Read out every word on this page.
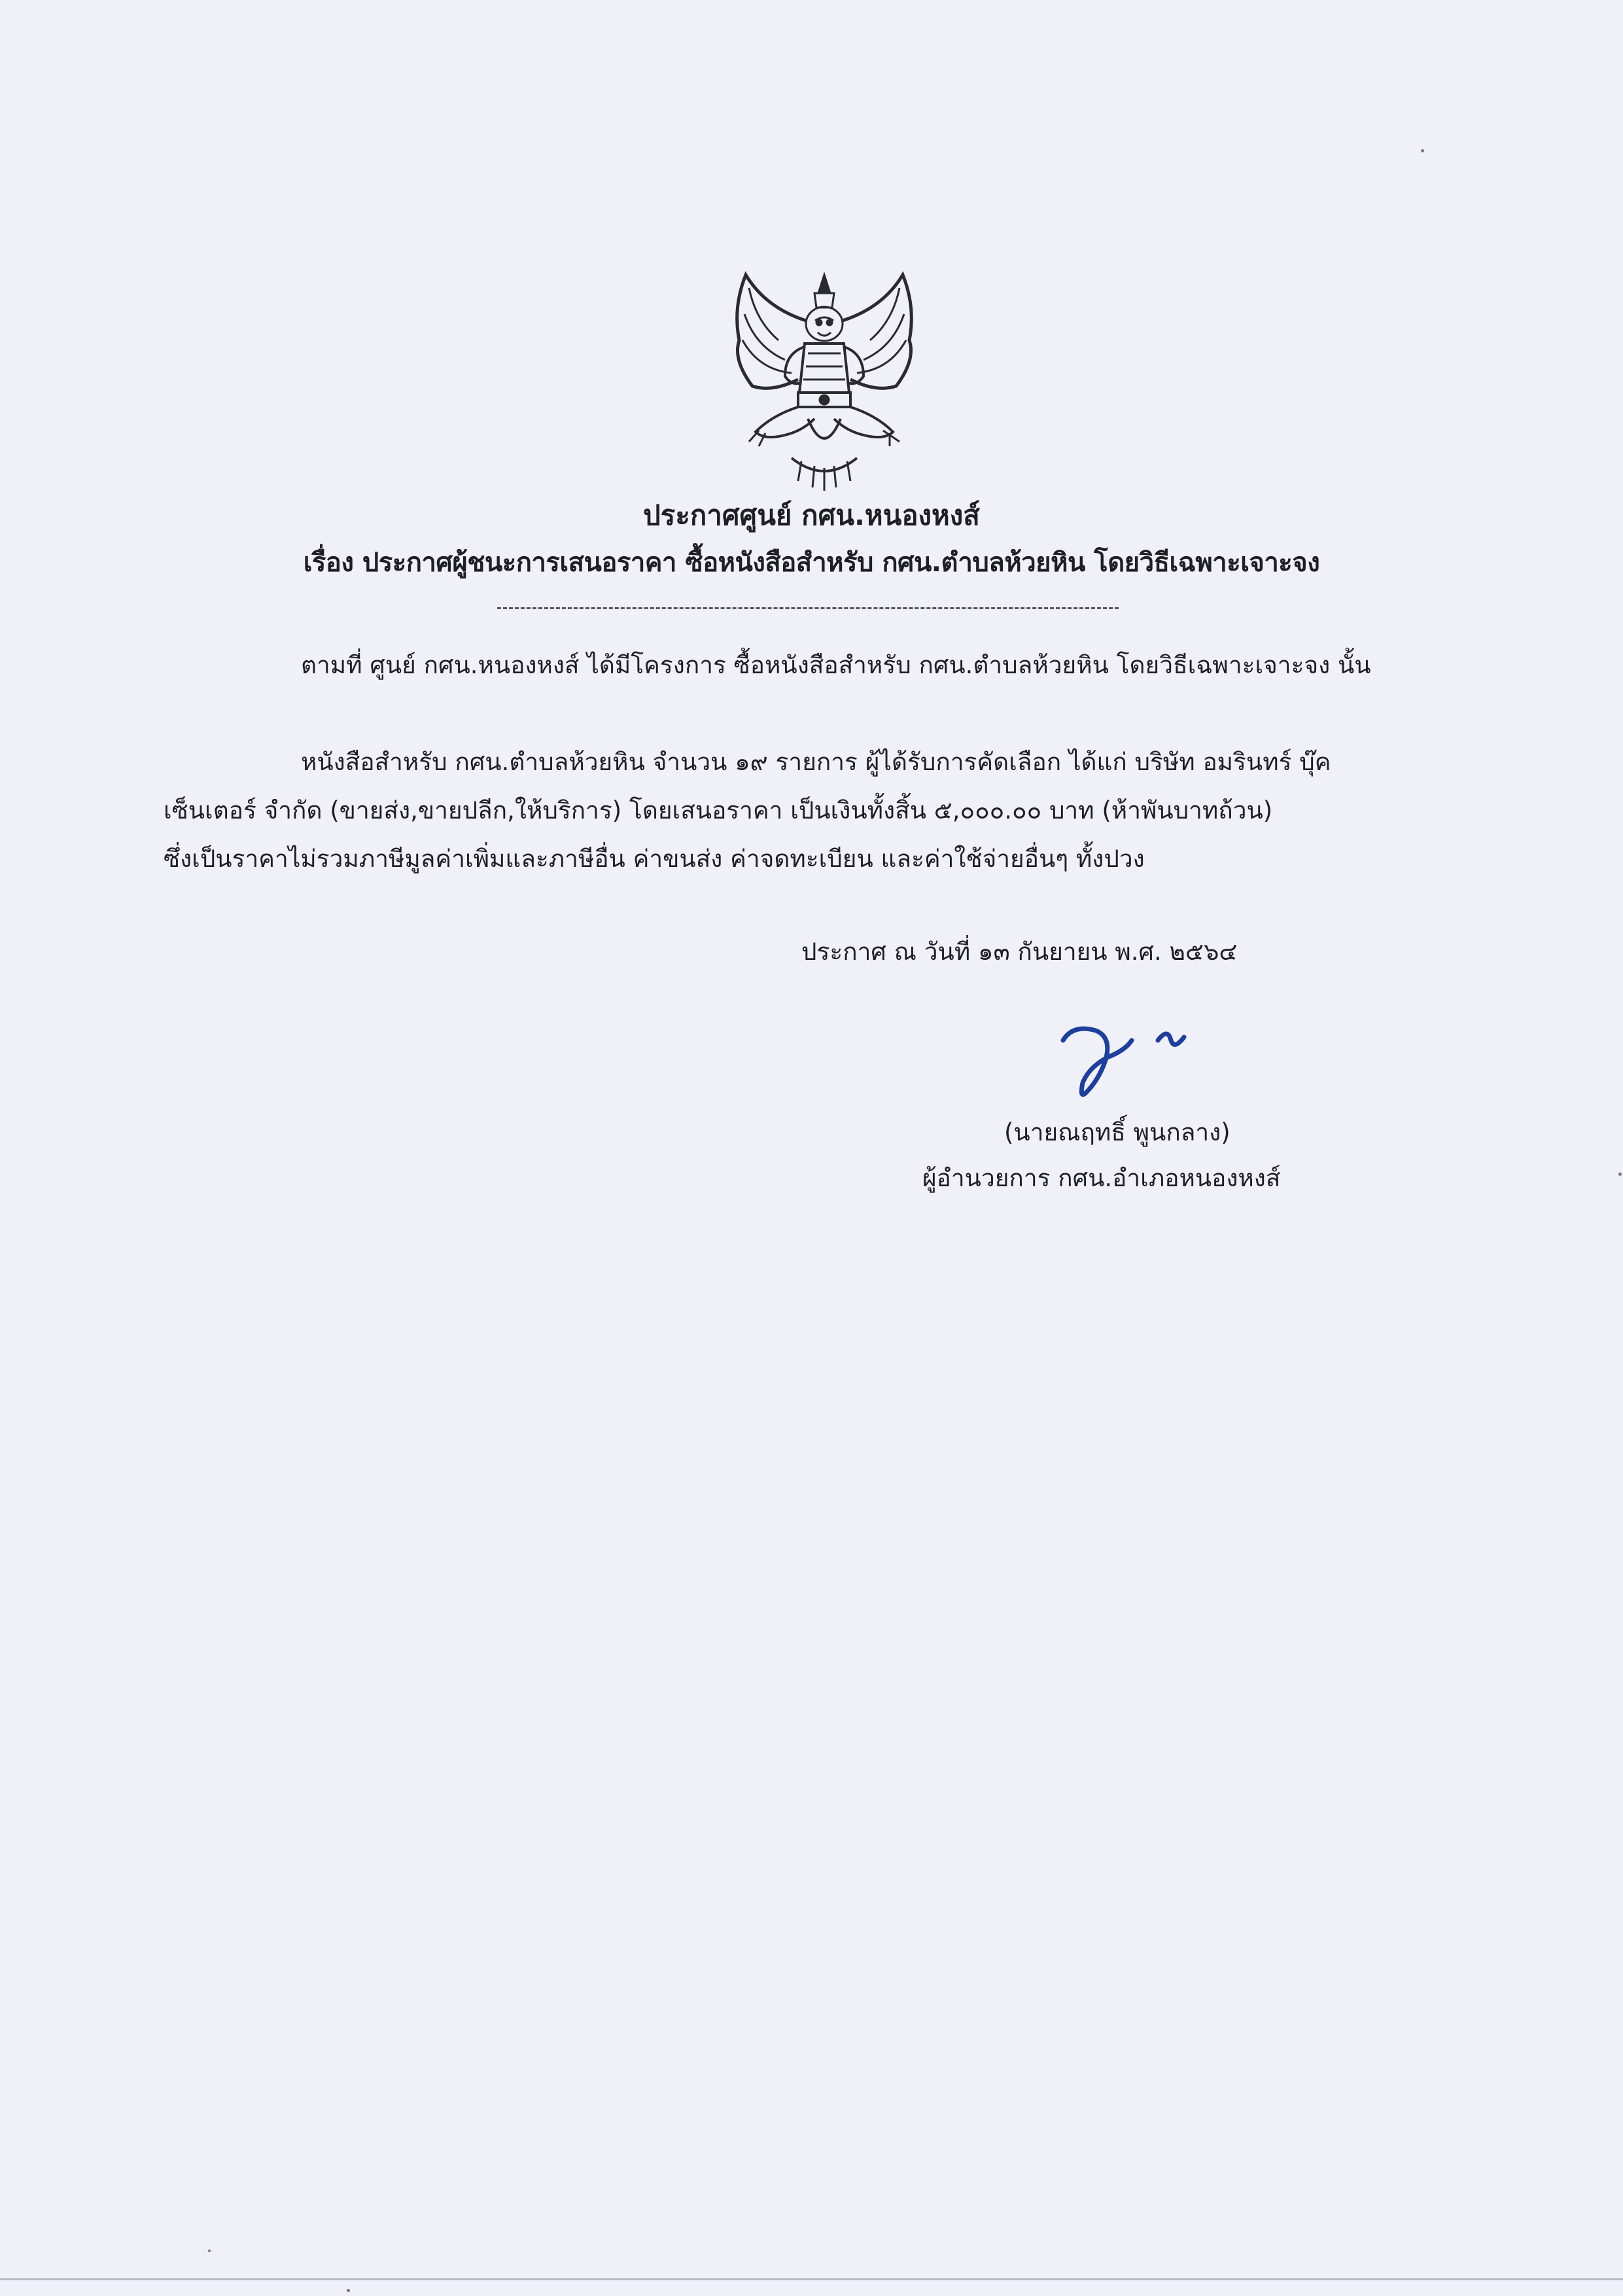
ประกาศศูนย์ กศน.หนองหงส์
เรื่อง ประกาศผู้ชนะการเสนอราคา ซื้อหนังสือสำหรับ กศน.ตำบลห้วยหิน โดยวิธีเฉพาะเจาะจง

ตามที่ ศูนย์ กศน.หนองหงส์ ได้มีโครงการ ซื้อหนังสือสำหรับ กศน.ตำบลห้วยหิน โดยวิธีเฉพาะเจาะจง นั้น

หนังสือสำหรับ กศน.ตำบลห้วยหิน จำนวน ๑๙ รายการ ผู้ได้รับการคัดเลือก ได้แก่ บริษัท อมรินทร์ บุ๊ค เซ็นเตอร์ จำกัด (ขายส่ง,ขายปลีก,ให้บริการ) โดยเสนอราคา เป็นเงินทั้งสิ้น ๕,๐๐๐.๐๐ บาท (ห้าพันบาทถ้วน)

ซึ่งเป็นราคาไม่รวมภาษีมูลค่าเพิ่มและภาษีอื่น ค่าขนส่ง ค่าจดทะเบียน และค่าใช้จ่ายอื่นๆ ทั้งปวง

ประกาศ ณ วันที่ ๑๓ กันยายน พ.ศ. ๒๕๖๔
(นายณฤทธิ์ พูนกลาง)
ผู้อำนวยการ กศน.อำเภอหนองหงส์
